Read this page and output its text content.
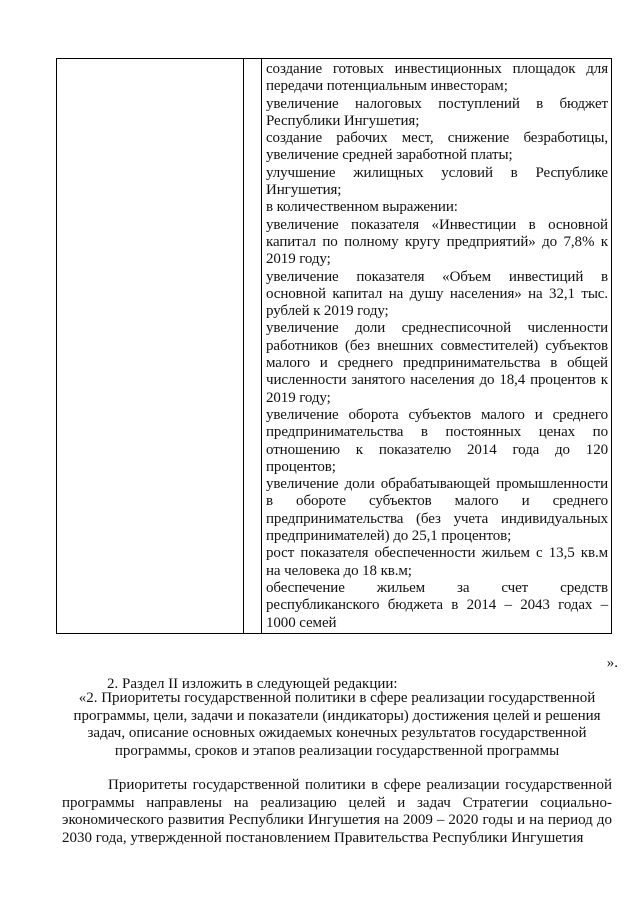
создание готовых инвестиционных площадок для передачи потенциальным инвесторам;
увеличение налоговых поступлений в бюджет Республики Ингушетия;
создание рабочих мест, снижение безработицы, увеличение средней заработной платы;
улучшение жилищных условий в Республике Ингушетия;
в количественном выражении:
увеличение показателя «Инвестиции в основной капитал по полному кругу предприятий» до 7,8% к 2019 году;
увеличение показателя «Объем инвестиций в основной капитал на душу населения» на 32,1 тыс. рублей к 2019 году;
увеличение доли среднесписочной численности работников (без внешних совместителей) субъектов малого и среднего предпринимательства в общей численности занятого населения до 18,4 процентов к 2019 году;
увеличение оборота субъектов малого и среднего предпринимательства в постоянных ценах по отношению к показателю 2014 года до 120 процентов;
увеличение доли обрабатывающей промышленности в обороте субъектов малого и среднего предпринимательства (без учета индивидуальных предпринимателей) до 25,1 процентов;
рост показателя обеспеченности жильем с 13,5 кв.м на человека до 18 кв.м;
обеспечение жильем за счет средств республиканского бюджета в 2014 – 2043 годах – 1000 семей
».
2. Раздел II изложить в следующей редакции:
«2. Приоритеты государственной политики в сфере реализации государственной программы, цели, задачи и показатели (индикаторы) достижения целей и решения задач, описание основных ожидаемых конечных результатов государственной программы, сроков и этапов реализации государственной программы
Приоритеты государственной политики в сфере реализации государственной программы направлены на реализацию целей и задач Стратегии социально-экономического развития Республики Ингушетия на 2009 – 2020 годы и на период до 2030 года, утвержденной постановлением Правительства Республики Ингушетия
